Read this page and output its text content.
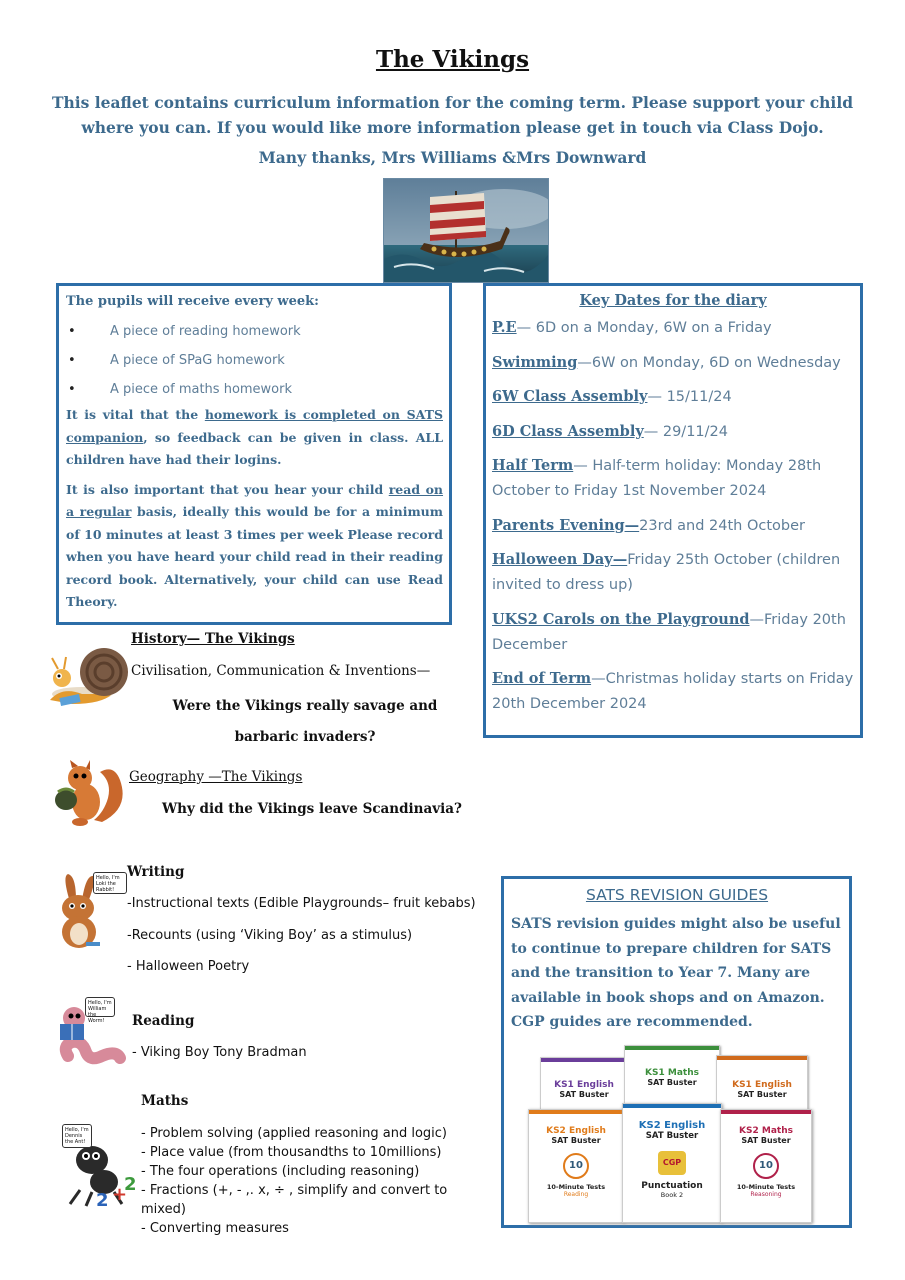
The Vikings
This leaflet contains curriculum information for the coming term. Please support your child where you can. If you would like more information please get in touch via Class Dojo.
Many thanks, Mrs Williams &Mrs Downward
The pupils will receive every week:
•	A piece of reading homework
•	A piece of SPaG homework
•	A piece of maths homework

It is vital that the homework is completed on SATS companion, so feedback can be given in class. ALL children have had their logins.

It is also important that you hear your child read on a regular basis, ideally this would be for a minimum of 10 minutes at least 3 times per week Please record when you have heard your child read in their reading record book. Alternatively, your child can use Read Theory.

Key Dates for the diary
P.E— 6D on a Monday, 6W on a Friday
Swimming—6W on Monday, 6D on Wednesday
6W Class Assembly— 15/11/24
6D Class Assembly— 29/11/24
Half Term— Half-term holiday: Monday 28th October to Friday 1st November 2024
Parents Evening—23rd and 24th October
Halloween Day—Friday 25th October (children invited to dress up)
UKS2 Carols on the Playground—Friday 20th December
End of Term—Christmas holiday starts on Friday 20th December 2024
History— The Vikings
Civilisation, Communication & Inventions—
Were the Vikings really savage and barbaric invaders?
Geography —The Vikings
Why did the Vikings leave Scandinavia?
Hello, I'm Loki the Rabbit!
Writing
-Instructional texts (Edible Playgrounds– fruit kebabs)
-Recounts (using ‘Viking Boy’ as a stimulus)
- Halloween Poetry
Hello, I'm William the Worm!	Reading
- Viking Boy Tony Bradman
2 +
2
Hello, I'm Dennis the Ant!
Maths
- Problem solving (applied reasoning and logic)
- Place value (from thousandths to 10millions)
- The four operations (including reasoning)
- Fractions (+, - ,. x, ÷ , simplify and convert to mixed)
- Converting measures
SATS REVISION GUIDES
SATS revision guides might also be useful to continue to prepare children for SATS and the transition to Year 7. Many are available in book shops and on Amazon. CGP guides are recommended.
KS1 English
SAT Buster
KS1 Maths
SAT Buster	KS1 English
SAT Buster
KS2 English
SAT Buster
10
10-Minute Tests
Reading
KS2 English
SAT Buster
CGP
Punctuation
Book 2
KS2 Maths
SAT Buster
10
10-Minute Tests
Reasoning
